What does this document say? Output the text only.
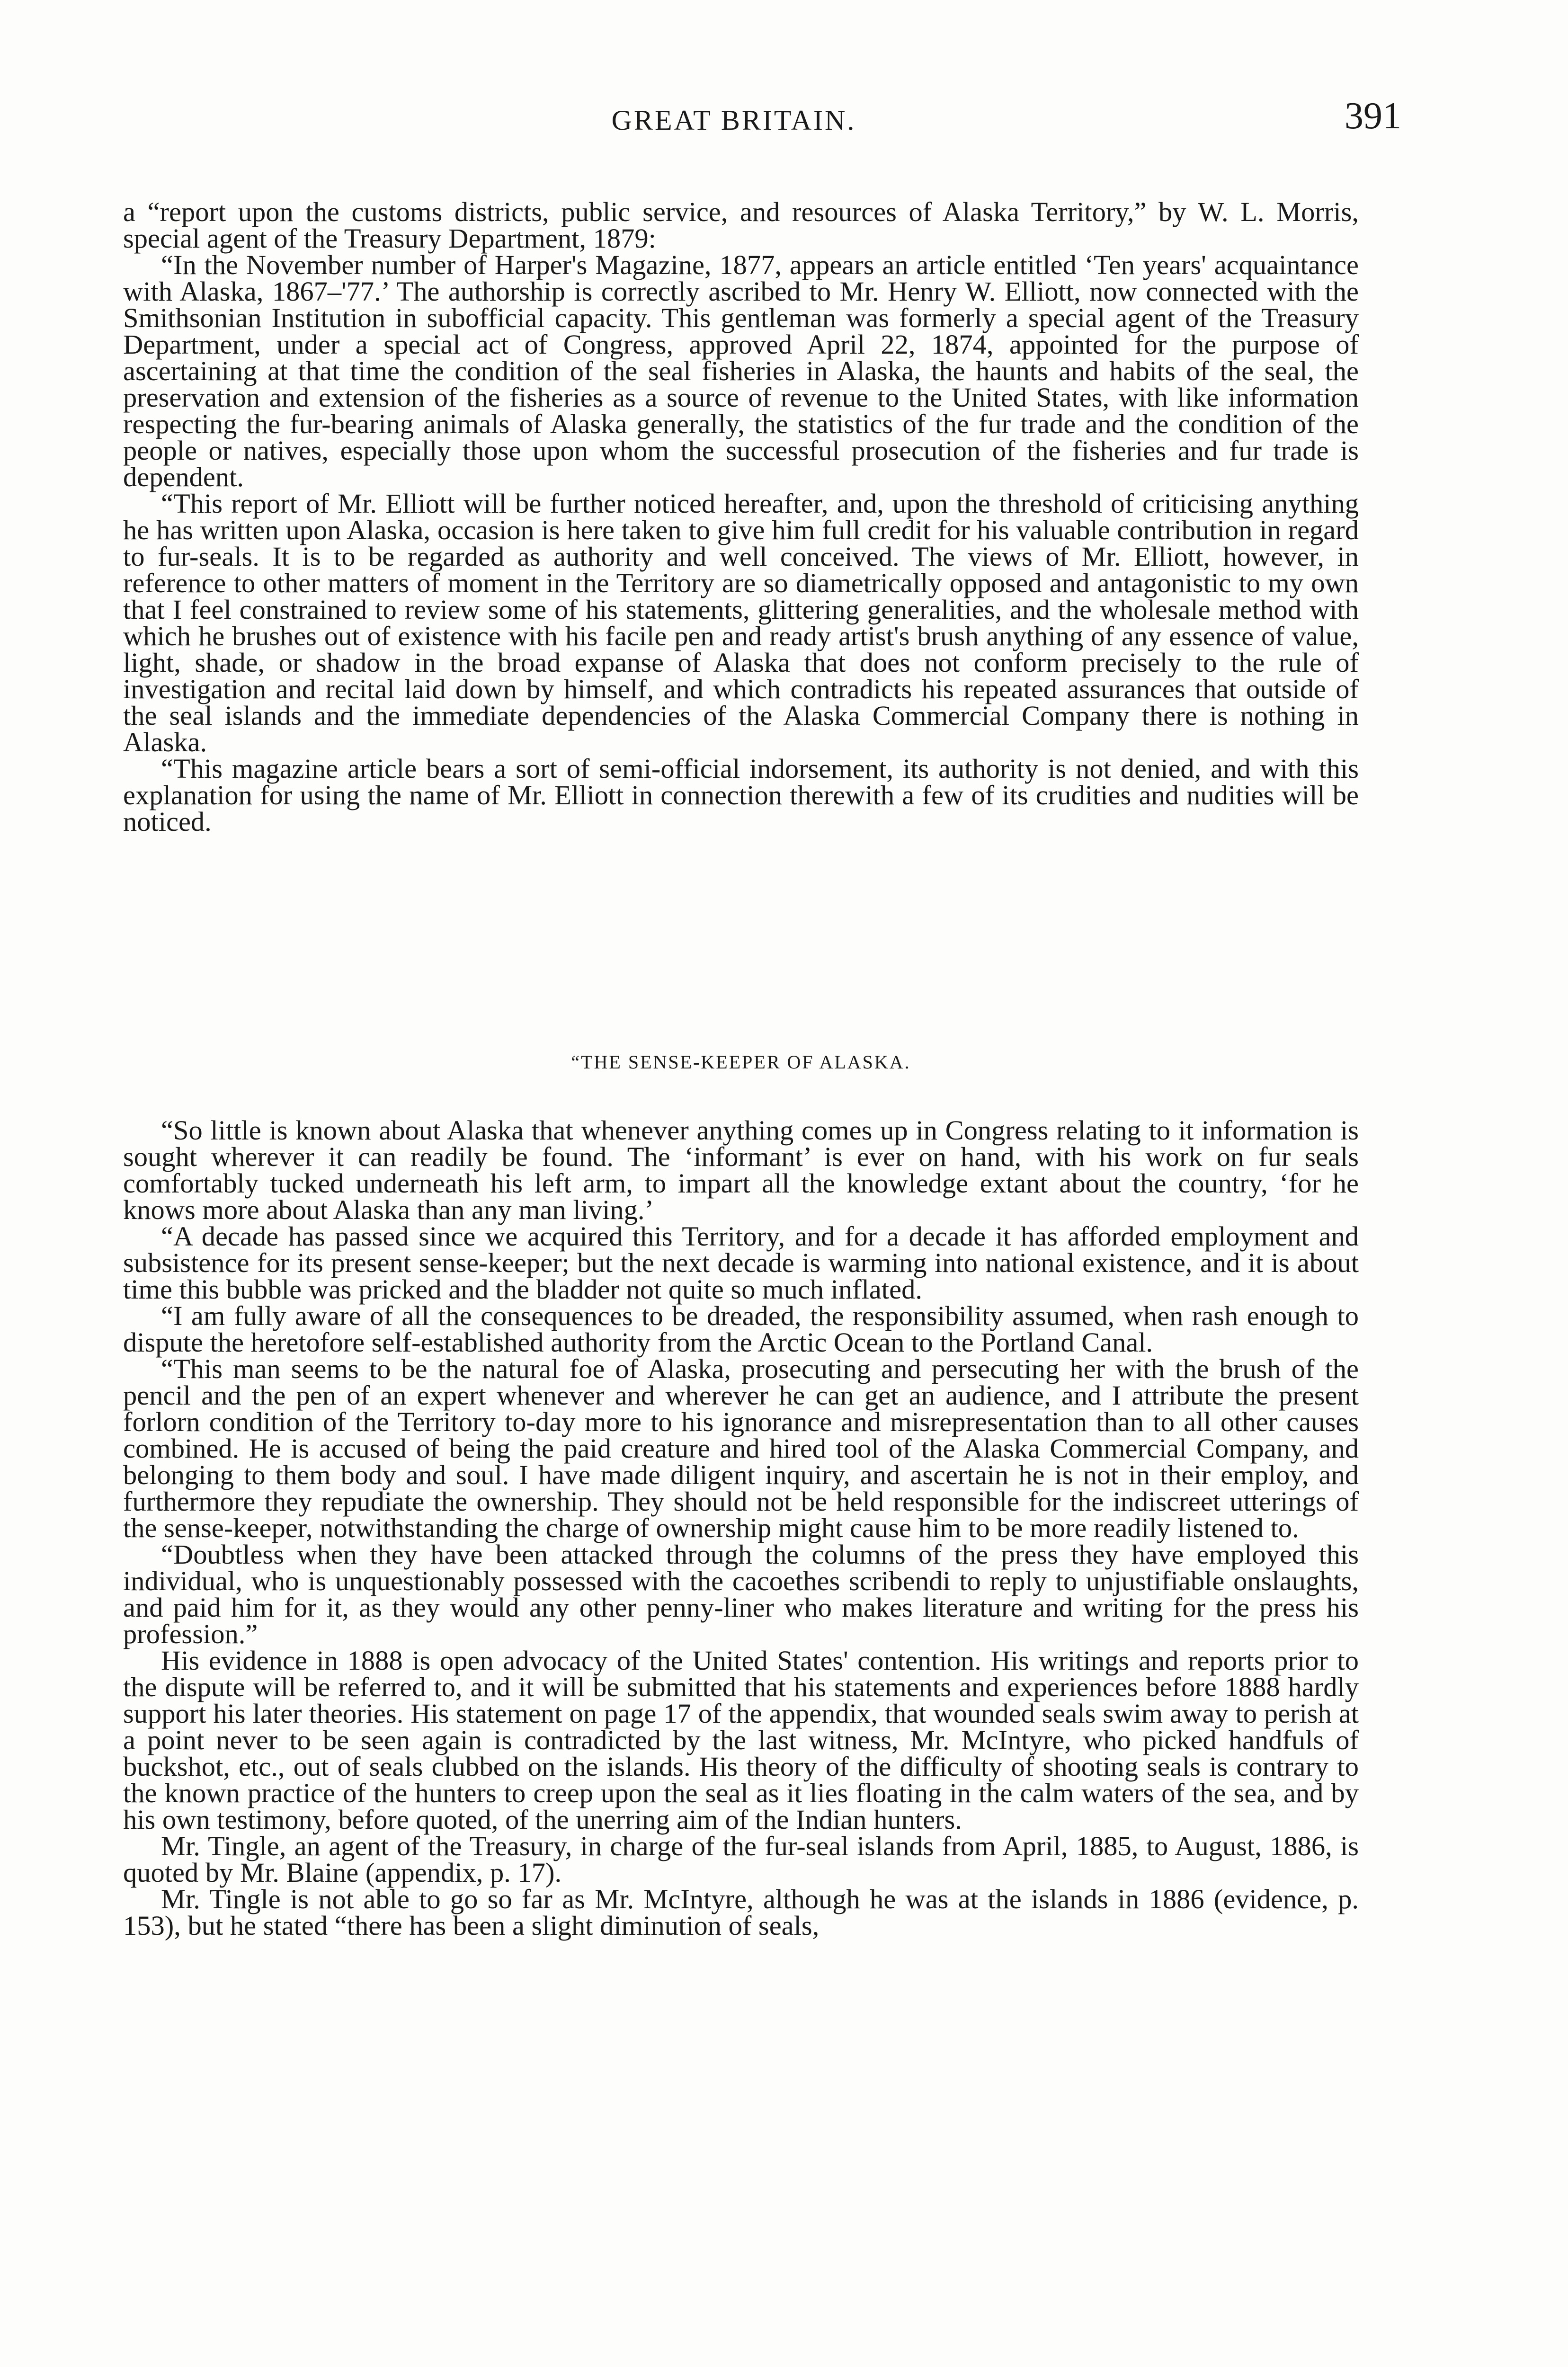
GREAT BRITAIN.	391

a “report upon the customs districts, public service, and resources of Alaska Territory,” by W. L. Morris, special agent of the Treasury Department, 1879:

“In the November number of Harper's Magazine, 1877, appears an article entitled ‘Ten years' acquaintance with Alaska, 1867–'77.’ The authorship is correctly ascribed to Mr. Henry W. Elliott, now connected with the Smithsonian Institution in subofficial capacity. This gentleman was formerly a special agent of the Treasury Department, under a special act of Congress, approved April 22, 1874, appointed for the purpose of ascertaining at that time the condition of the seal fisheries in Alaska, the haunts and habits of the seal, the preservation and extension of the fisheries as a source of revenue to the United States, with like information respecting the fur-bearing animals of Alaska generally, the statistics of the fur trade and the condition of the people or natives, especially those upon whom the successful prosecution of the fisheries and fur trade is dependent.

“This report of Mr. Elliott will be further noticed hereafter, and, upon the threshold of criticising anything he has written upon Alaska, occasion is here taken to give him full credit for his valuable contribution in regard to fur-seals. It is to be regarded as authority and well conceived. The views of Mr. Elliott, however, in reference to other matters of moment in the Territory are so diametrically opposed and antagonistic to my own that I feel constrained to review some of his statements, glittering generalities, and the wholesale method with which he brushes out of existence with his facile pen and ready artist's brush anything of any essence of value, light, shade, or shadow in the broad expanse of Alaska that does not conform precisely to the rule of investigation and recital laid down by himself, and which contradicts his repeated assurances that outside of the seal islands and the immediate dependencies of the Alaska Commercial Company there is nothing in Alaska.

“This magazine article bears a sort of semi-official indorsement, its authority is not denied, and with this explanation for using the name of Mr. Elliott in connection therewith a few of its crudities and nudities will be noticed.

“THE SENSE-KEEPER OF ALASKA.

“So little is known about Alaska that whenever anything comes up in Congress relating to it information is sought wherever it can readily be found. The ‘informant’ is ever on hand, with his work on fur seals comfortably tucked underneath his left arm, to impart all the knowledge extant about the country, ‘for he knows more about Alaska than any man living.’

“A decade has passed since we acquired this Territory, and for a decade it has afforded employment and subsistence for its present sense-keeper; but the next decade is warming into national existence, and it is about time this bubble was pricked and the bladder not quite so much inflated.

“I am fully aware of all the consequences to be dreaded, the responsibility assumed, when rash enough to dispute the heretofore self-established authority from the Arctic Ocean to the Portland Canal.

“This man seems to be the natural foe of Alaska, prosecuting and persecuting her with the brush of the pencil and the pen of an expert whenever and wherever he can get an audience, and I attribute the present forlorn condition of the Territory to-day more to his ignorance and misrepresentation than to all other causes combined. He is accused of being the paid creature and hired tool of the Alaska Commercial Company, and belonging to them body and soul. I have made diligent inquiry, and ascertain he is not in their employ, and furthermore they repudiate the ownership. They should not be held responsible for the indiscreet utterings of the sense-keeper, notwithstanding the charge of ownership might cause him to be more readily listened to.

“Doubtless when they have been attacked through the columns of the press they have employed this individual, who is unquestionably possessed with the cacoethes scribendi to reply to unjustifiable onslaughts, and paid him for it, as they would any other penny-liner who makes literature and writing for the press his profession.”

His evidence in 1888 is open advocacy of the United States' contention. His writings and reports prior to the dispute will be referred to, and it will be submitted that his statements and experiences before 1888 hardly support his later theories. His statement on page 17 of the appendix, that wounded seals swim away to perish at a point never to be seen again is contradicted by the last witness, Mr. McIntyre, who picked handfuls of buckshot, etc., out of seals clubbed on the islands. His theory of the difficulty of shooting seals is contrary to the known practice of the hunters to creep upon the seal as it lies floating in the calm waters of the sea, and by his own testimony, before quoted, of the unerring aim of the Indian hunters.

Mr. Tingle, an agent of the Treasury, in charge of the fur-seal islands from April, 1885, to August, 1886, is quoted by Mr. Blaine (appendix, p. 17).

Mr. Tingle is not able to go so far as Mr. McIntyre, although he was at the islands in 1886 (evidence, p. 153), but he stated “there has been a slight diminution of seals,
